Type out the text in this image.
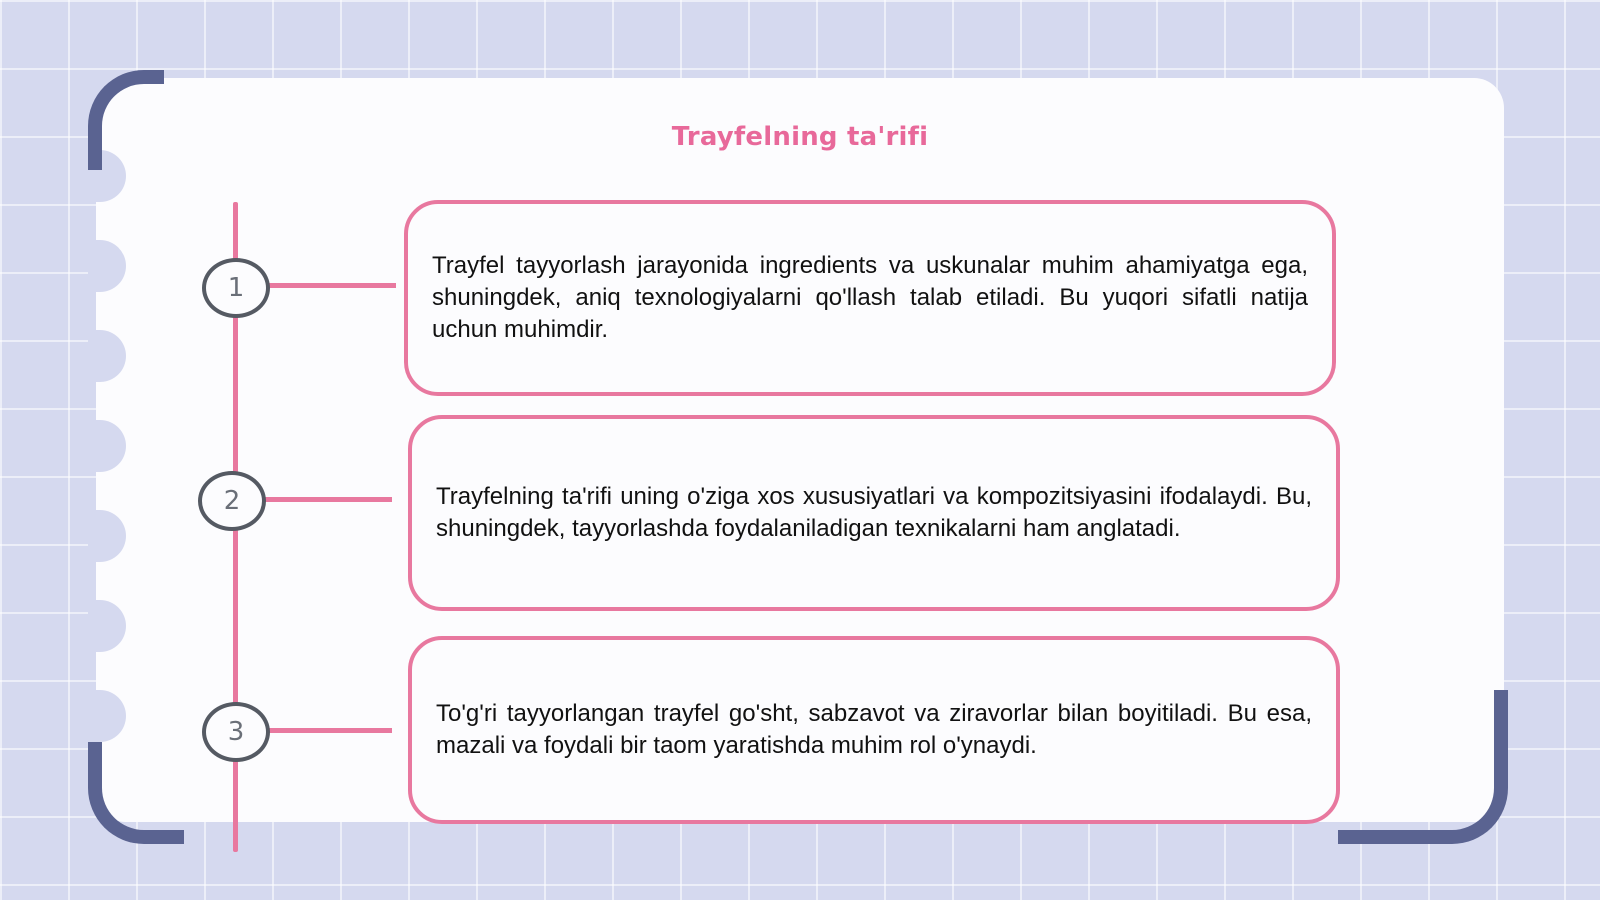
Trayfelning ta'rifi
1

Trayfel tayyorlash jarayonida ingredients va uskunalar muhim ahamiyatga ega, shuningdek, aniq texnologiyalarni qo'llash talab etiladi. Bu yuqori sifatli natija uchun muhimdir.

2	Trayfelning ta'rifi uning o'ziga xos xususiyatlari va kompozitsiyasini ifodalaydi. Bu, shuningdek, tayyorlashda foydalaniladigan texnikalarni ham anglatadi.

3

To'g'ri tayyorlangan trayfel go'sht, sabzavot va ziravorlar bilan boyitiladi. Bu esa, mazali va foydali bir taom yaratishda muhim rol o'ynaydi.
